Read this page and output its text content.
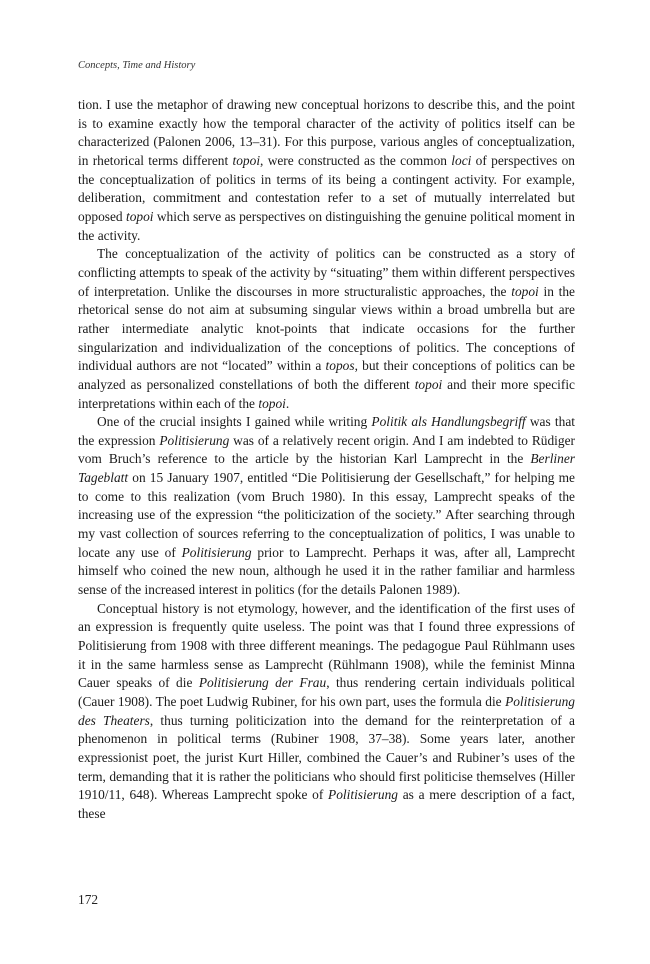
Concepts, Time and History

tion. I use the metaphor of drawing new conceptual horizons to describe this, and the point is to examine exactly how the temporal character of the activity of politics itself can be characterized (Palonen 2006, 13–31). For this purpose, various angles of conceptualization, in rhetorical terms different topoi, were constructed as the common loci of perspectives on the conceptualization of politics in terms of its being a contingent activity. For example, deliberation, commitment and contestation refer to a set of mutually interrelated but opposed topoi which serve as perspectives on distinguishing the genuine political moment in the activity.

The conceptualization of the activity of politics can be constructed as a story of conflicting attempts to speak of the activity by “situating” them within different perspectives of interpretation. Unlike the discourses in more structuralistic approaches, the topoi in the rhetorical sense do not aim at subsuming singular views within a broad umbrella but are rather intermediate analytic knot-points that indicate occasions for the further singularization and individualization of the conceptions of politics. The conceptions of individual authors are not “located” within a topos, but their conceptions of politics can be analyzed as personalized constellations of both the different topoi and their more specific interpretations within each of the topoi.

One of the crucial insights I gained while writing Politik als Handlungsbegriff was that the expression Politisierung was of a relatively recent origin. And I am indebted to Rüdiger vom Bruch’s reference to the article by the historian Karl Lamprecht in the Berliner Tageblatt on 15 January 1907, entitled “Die Politisierung der Gesellschaft,” for helping me to come to this realization (vom Bruch 1980). In this essay, Lamprecht speaks of the increasing use of the expression “the politicization of the society.” After searching through my vast collection of sources referring to the conceptualization of politics, I was unable to locate any use of Politisierung prior to Lamprecht. Perhaps it was, after all, Lamprecht himself who coined the new noun, although he used it in the rather familiar and harmless sense of the increased interest in politics (for the details Palonen 1989).

Conceptual history is not etymology, however, and the identification of the first uses of an expression is frequently quite useless. The point was that I found three expressions of Politisierung from 1908 with three different meanings. The pedagogue Paul Rühlmann uses it in the same harmless sense as Lamprecht (Rühlmann 1908), while the feminist Minna Cauer speaks of die Politisierung der Frau, thus rendering certain individuals political (Cauer 1908). The poet Ludwig Rubiner, for his own part, uses the formula die Politisierung des Theaters, thus turning politicization into the demand for the reinterpretation of a phenomenon in political terms (Rubiner 1908, 37–38). Some years later, another expressionist poet, the jurist Kurt Hiller, combined the Cauer’s and Rubiner’s uses of the term, demanding that it is rather the politicians who should first politicise themselves (Hiller 1910/11, 648). Whereas Lamprecht spoke of Politisierung as a mere description of a fact, these

172
